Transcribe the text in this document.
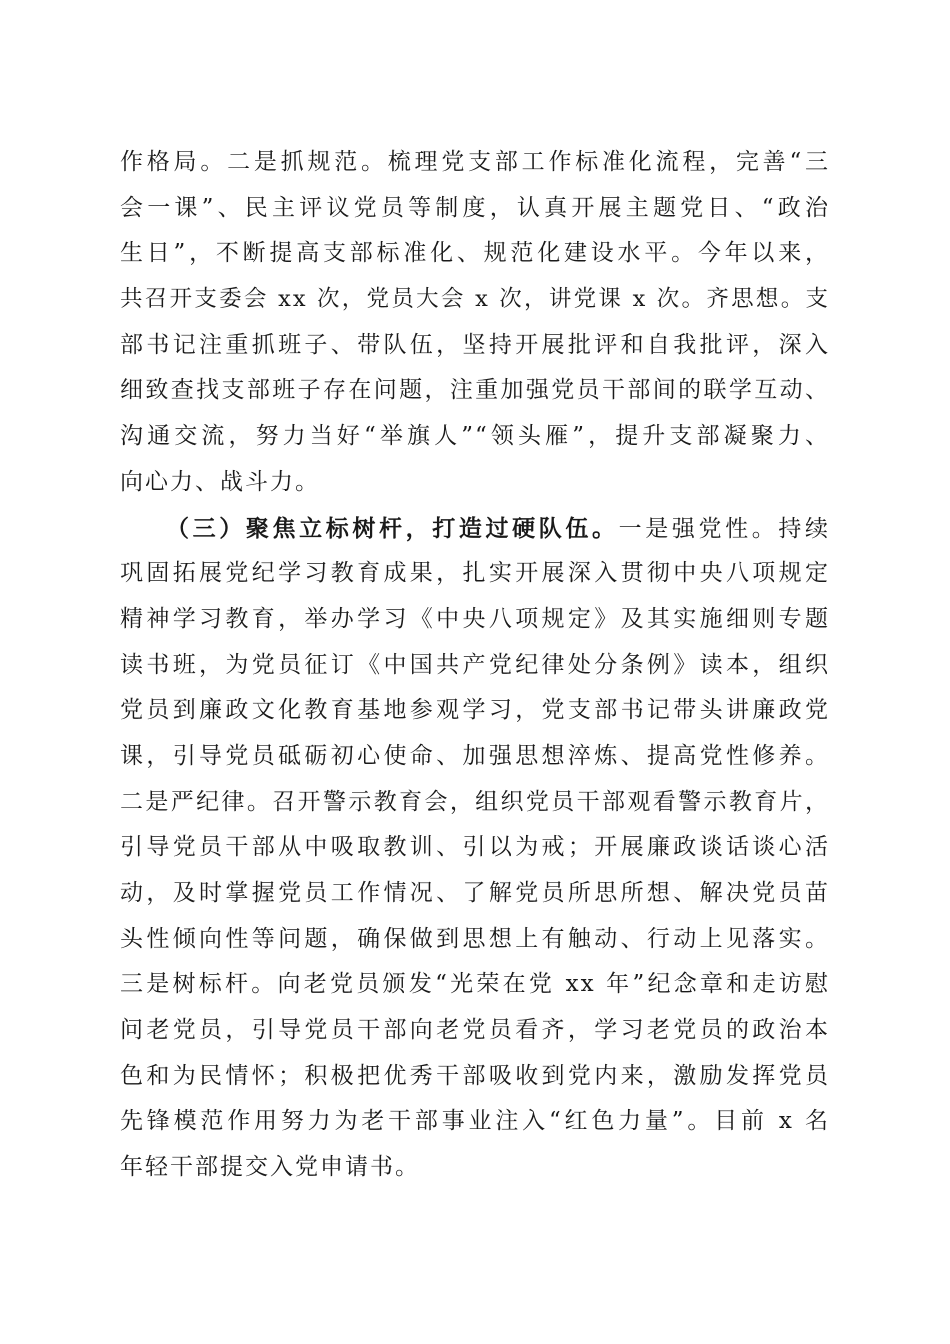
作格局。二是抓规范。梳理党支部工作标准化流程，完善“三
会一课”、民主评议党员等制度，认真开展主题党日、“政治
生日”，不断提高支部标准化、规范化建设水平。今年以来，
共召开支委会 xx 次，党员大会 x 次，讲党课 x 次。齐思想。支
部书记注重抓班子、带队伍，坚持开展批评和自我批评，深入
细致查找支部班子存在问题，注重加强党员干部间的联学互动、
沟通交流，努力当好“举旗人”“领头雁”，提升支部凝聚力、
向心力、战斗力。
（三）聚焦立标树杆，打造过硬队伍。一是强党性。持续
巩固拓展党纪学习教育成果，扎实开展深入贯彻中央八项规定
精神学习教育，举办学习《中央八项规定》及其实施细则专题
读书班，为党员征订《中国共产党纪律处分条例》读本，组织
党员到廉政文化教育基地参观学习，党支部书记带头讲廉政党
课，引导党员砥砺初心使命、加强思想淬炼、提高党性修养。
二是严纪律。召开警示教育会，组织党员干部观看警示教育片，
引导党员干部从中吸取教训、引以为戒；开展廉政谈话谈心活
动，及时掌握党员工作情况、了解党员所思所想、解决党员苗
头性倾向性等问题，确保做到思想上有触动、行动上见落实。
三是树标杆。向老党员颁发“光荣在党 xx 年”纪念章和走访慰
问老党员，引导党员干部向老党员看齐，学习老党员的政治本
色和为民情怀；积极把优秀干部吸收到党内来，激励发挥党员
先锋模范作用努力为老干部事业注入“红色力量”。目前 x 名
年轻干部提交入党申请书。
